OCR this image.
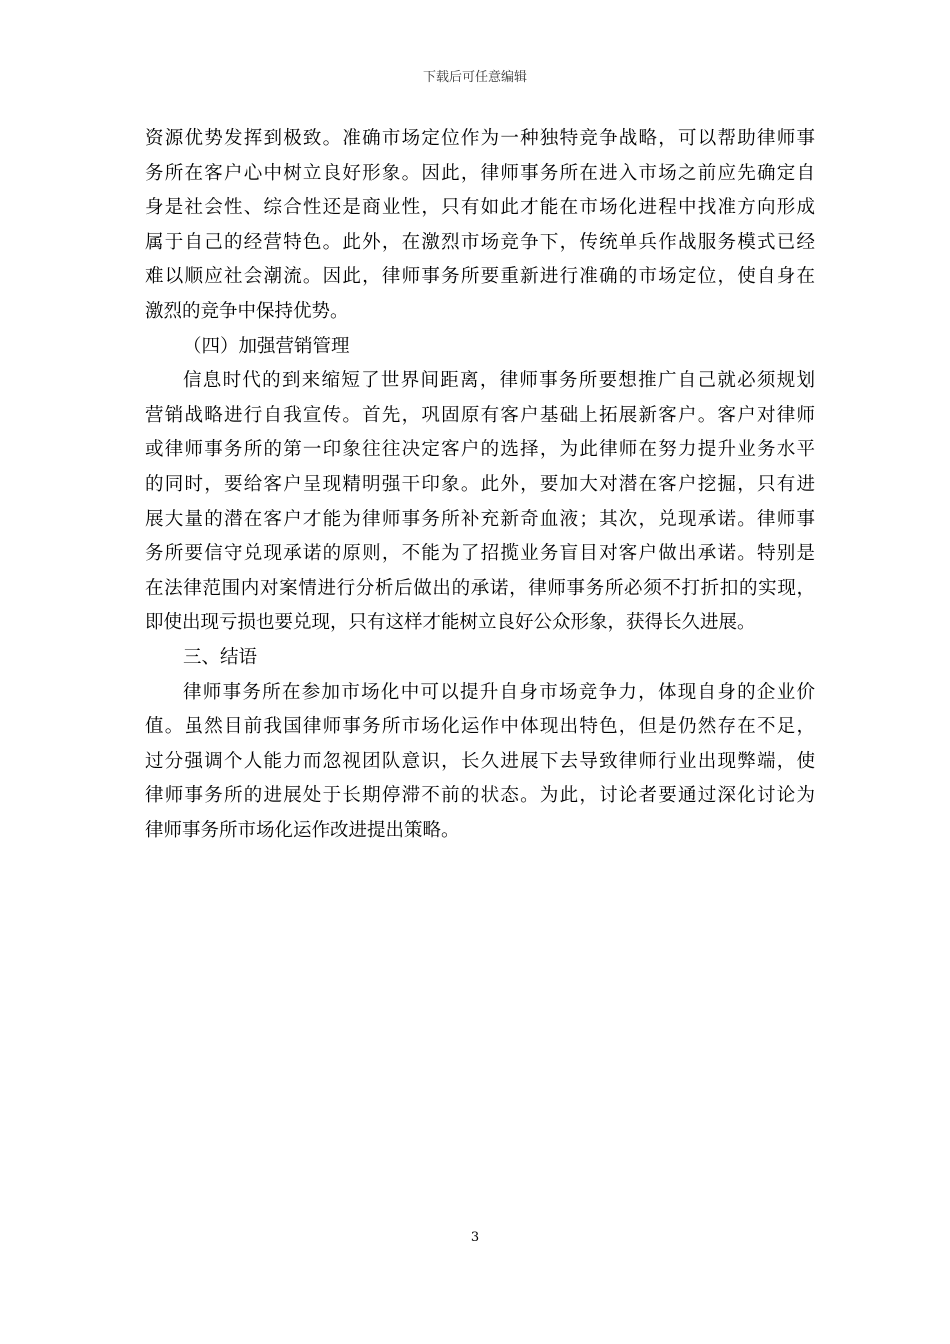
下载后可任意编辑
资源优势发挥到极致。准确市场定位作为一种独特竞争战略，可以帮助律师事
务所在客户心中树立良好形象。因此，律师事务所在进入市场之前应先确定自
身是社会性、综合性还是商业性，只有如此才能在市场化进程中找准方向形成
属于自己的经营特色。此外，在激烈市场竞争下，传统单兵作战服务模式已经
难以顺应社会潮流。因此，律师事务所要重新进行准确的市场定位，使自身在
激烈的竞争中保持优势。
（四）加强营销管理
信息时代的到来缩短了世界间距离，律师事务所要想推广自己就必须规划
营销战略进行自我宣传。首先，巩固原有客户基础上拓展新客户。客户对律师
或律师事务所的第一印象往往决定客户的选择，为此律师在努力提升业务水平
的同时，要给客户呈现精明强干印象。此外，要加大对潜在客户挖掘，只有进
展大量的潜在客户才能为律师事务所补充新奇血液；其次，兑现承诺。律师事
务所要信守兑现承诺的原则，不能为了招揽业务盲目对客户做出承诺。特别是
在法律范围内对案情进行分析后做出的承诺，律师事务所必须不打折扣的实现，
即使出现亏损也要兑现，只有这样才能树立良好公众形象，获得长久进展。
三、结语
律师事务所在参加市场化中可以提升自身市场竞争力，体现自身的企业价
值。虽然目前我国律师事务所市场化运作中体现出特色，但是仍然存在不足，
过分强调个人能力而忽视团队意识，长久进展下去导致律师行业出现弊端，使
律师事务所的进展处于长期停滞不前的状态。为此，讨论者要通过深化讨论为
律师事务所市场化运作改进提出策略。
3
